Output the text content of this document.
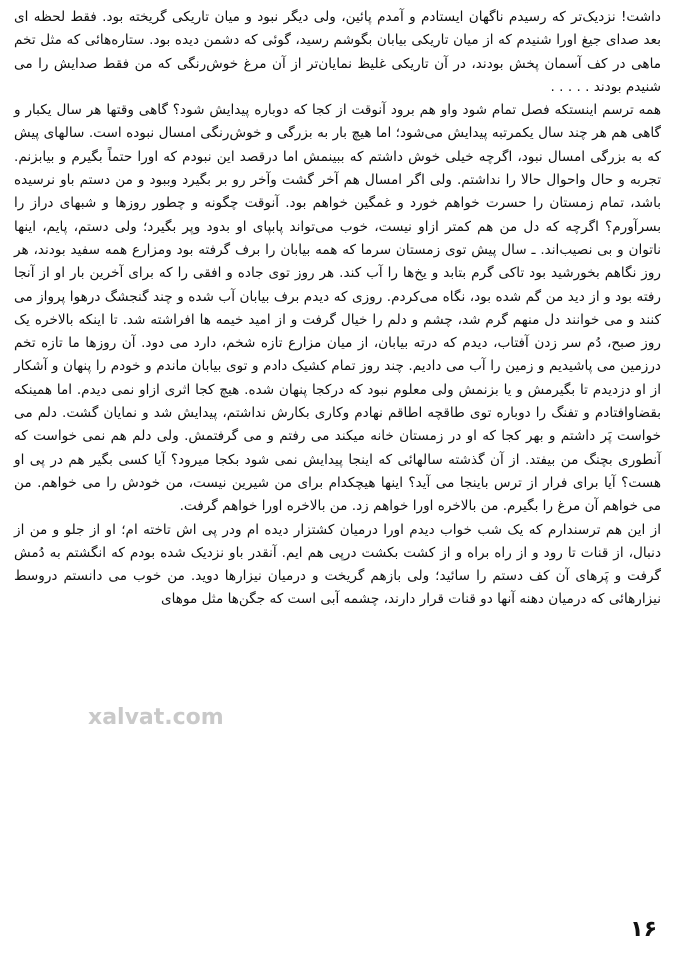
داشت! نزدیک‌تر که رسیدم ناگهان ایستادم و آمدم پائین، ولی دیگر نبود و میان تاریکی گریخته بود. فقط لحظه ای بعد صدای جیغ اورا شنیدم که از میان تاریکی بیابان بگوشم رسید، گوئی که دشمن دیده بود. ستاره‌هائی که مثل تخم ماهی در کف آسمان پخش بودند، در آن تاریکی غلیظ نمایان‌تر از آن مرغ خوش‌رنگی که من فقط صدایش را می شنیدم بودند . . . . .

همه ترسم اینستکه فصل تمام شود واو هم برود آنوقت از کجا که دوباره پیدایش شود؟ گاهی وقتها هر سال یکبار و گاهی هم هر چند سال یکمرتبه پیدایش می‌شود؛ اما هیچ بار به بزرگی و خوش‌رنگی امسال نبوده است. سالهای پیش که به بزرگی امسال نبود، اگرچه خیلی خوش داشتم که ببینمش اما درقصد این نبودم که اورا حتماً بگیرم و بیابزنم. تجربه و حال واحوال حالا را نداشتم. ولی اگر امسال هم آخر گشت وآخر رو بر بگیرد وببود و من دستم باو نرسیده باشد، تمام زمستان را حسرت خواهم خورد و غمگین خواهم بود. آنوقت چگونه و چطور روزها و شبهای دراز را بسرآورم؟ اگرچه که دل من هم کمتر ازاو نیست، خوب می‌تواند پابپای او بدود وپر بگیرد؛ ولی دستم، پایم، اینها ناتوان و بی نصیب‌اند. ـ سال پیش توی زمستان سرما که همه بیابان را برف گرفته بود ومزارع همه سفید بودند، هر روز نگاهم بخورشید بود تاکی گرم بتابد و یخ‌ها را آب کند. هر روز توی جاده و افقی را که برای آخرین بار او از آنجا رفته بود و از دید من گم شده بود، نگاه می‌کردم. روزی که دیدم برف بیابان آب شده و چند گنجشگ درهوا پرواز می کنند و می خوانند دل منهم گرم شد، چشم و دلم را خیال گرفت و از امید خیمه ها افراشته شد. تا اینکه بالاخره یک روز صبح، دُم سر زدن آفتاب، دیدم که درته بیابان، از میان مزارع تازه شخم، دارد می دود. آن روزها ما تازه تخم درزمین می پاشیدیم و زمین را آب می دادیم. چند روز تمام کشیک دادم و توی بیابان ماندم و خودم را پنهان و آشکار از او دزدیدم تا بگیرمش و یا بزنمش ولی معلوم نبود که درکجا پنهان شده. هیچ کجا اثری ازاو نمی دیدم. اما همینکه بقضاوافتادم و تفنگ را دوباره توی طاقچه اطاقم نهادم وکاری بکارش نداشتم، پیدایش شد و نمایان گشت. دلم می خواست پَر داشتم و بهر کجا که او در زمستان خانه میکند می رفتم و می گرفتمش. ولی دلم هم نمی خواست که آنطوری بچنگ من بیفتد. از آن گذشته سالهائی که اینجا پیدایش نمی شود بکجا میرود؟ آیا کسی بگیر هم در پی او هست؟ آیا برای فرار از ترس باینجا می آید؟ اینها هیچکدام برای من شیرین نیست، من خودش را می خواهم. من می خواهم آن مرغ را بگیرم. من بالاخره اورا خواهم زد. من بالاخره اورا خواهم گرفت.

از این هم ترسندارم که یک شب خواب دیدم اورا درمیان کشتزار دیده ام ودر پی اش تاخته ام؛ او از جلو و من از دنبال، از قنات تا رود و از راه براه و از کشت بکشت درپی هم ایم. آنقدر باو نزدیک شده بودم که انگشتم به دُمش گرفت و پَرهای آن کف دستم را سائید؛ ولی بازهم گریخت و درمیان نیزارها دوید. من خوب می دانستم دروسط نیزارهائی که درمیان دهنه آنها دو قنات قرار دارند، چشمه آبی است که جگن‌ها مثل موهای

xalvat.com
۱۶
